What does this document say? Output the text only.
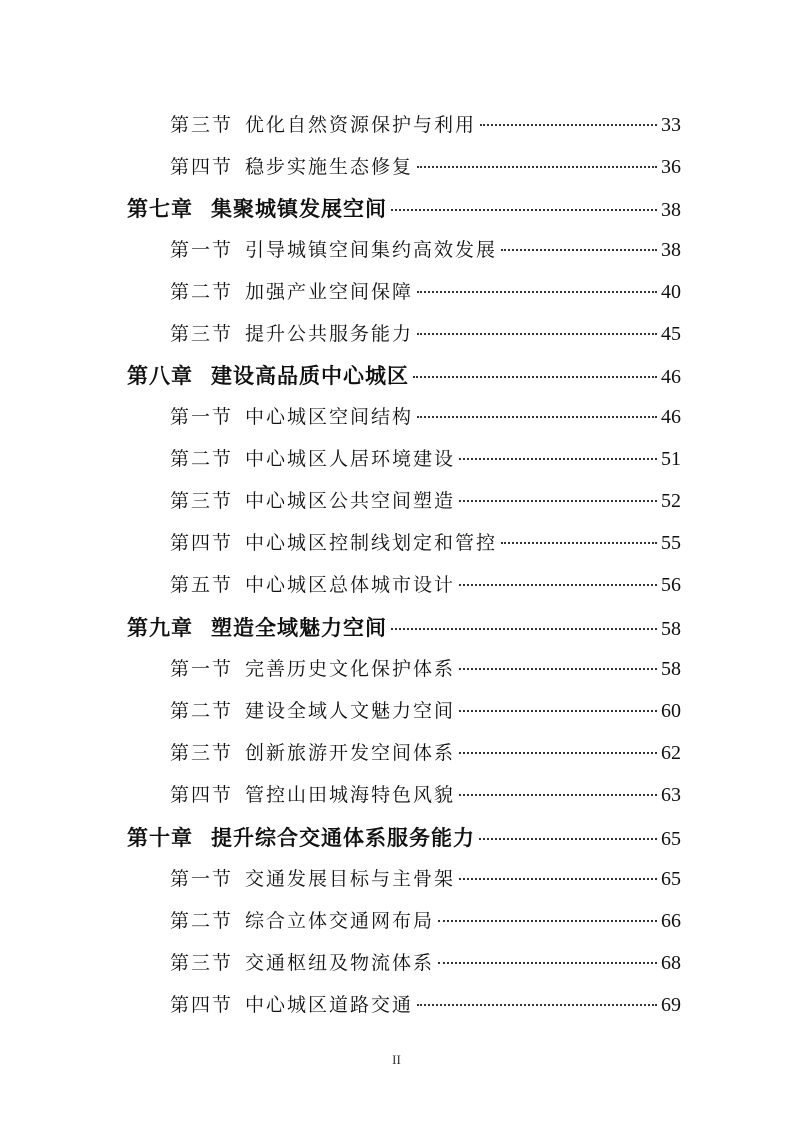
第三节 优化自然资源保护与利用	33
第四节 稳步实施生态修复	36
第七章 集聚城镇发展空间	38
第一节 引导城镇空间集约高效发展	38
第二节 加强产业空间保障	40
第三节 提升公共服务能力	45
第八章 建设高品质中心城区	46
第一节 中心城区空间结构	46
第二节 中心城区人居环境建设	51
第三节 中心城区公共空间塑造	52
第四节 中心城区控制线划定和管控	55
第五节 中心城区总体城市设计	56
第九章 塑造全域魅力空间	58
第一节 完善历史文化保护体系	58
第二节 建设全域人文魅力空间	60
第三节 创新旅游开发空间体系	62
第四节 管控山田城海特色风貌	63
第十章 提升综合交通体系服务能力	65
第一节 交通发展目标与主骨架	65
第二节 综合立体交通网布局	66
第三节 交通枢纽及物流体系	68
第四节 中心城区道路交通	69
II
